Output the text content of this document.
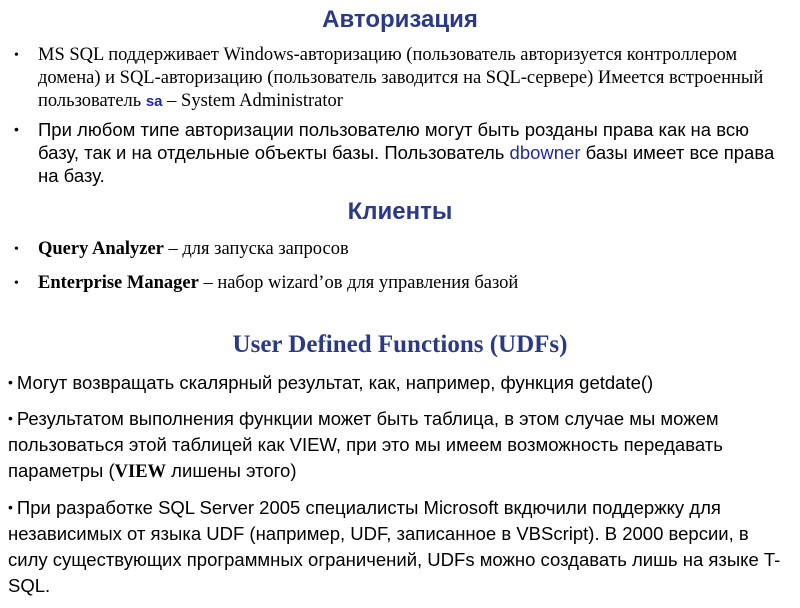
Авторизация
•	MS SQL поддерживает Windows-авторизацию (пользователь авторизуется контроллером домена) и SQL-авторизацию (пользователь заводится на SQL-сервере) Имеется встроенный пользователь sa – System Administrator
•	При любом типе авторизации пользователю могут быть розданы права как на всю базу, так и на отдельные объекты базы. Пользователь dbowner базы имеет все права на базу.
Клиенты
•	Query Analyzer – для запуска запросов
•	Enterprise Manager – набор wizard’ов для управления базой
User Defined Functions (UDFs)
• Могут возвращать скалярный результат, как, например, функция getdate()
• Результатом выполнения функции может быть таблица, в этом случае мы можем пользоваться этой таблицей как VIEW, при это мы имеем возможность передавать параметры (VIEW лишены этого)
• При разработке SQL Server 2005 специалисты Microsoft вкдючили поддержку для независимых от языка UDF (например, UDF, записанное в VBScript). В 2000 версии, в силу существующих программных ограничений, UDFs можно создавать лишь на языке T-SQL.
